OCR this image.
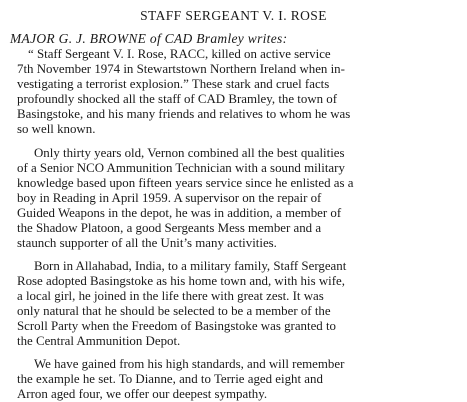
STAFF SERGEANT V. I. ROSE
MAJOR G. J. BROWNE of CAD Bramley writes:
“ Staff Sergeant V. I. Rose, RACC, killed on active service
7th November 1974 in Stewartstown Northern Ireland when in-
vestigating a terrorist explosion.” These stark and cruel facts
profoundly shocked all the staff of CAD Bramley, the town of
Basingstoke, and his many friends and relatives to whom he was
so well known.
Only thirty years old, Vernon combined all the best qualities
of a Senior NCO Ammunition Technician with a sound military
knowledge based upon fifteen years service since he enlisted as a
boy in Reading in April 1959. A supervisor on the repair of
Guided Weapons in the depot, he was in addition, a member of
the Shadow Platoon, a good Sergeants Mess member and a
staunch supporter of all the Unit’s many activities.
Born in Allahabad, India, to a military family, Staff Sergeant
Rose adopted Basingstoke as his home town and, with his wife,
a local girl, he joined in the life there with great zest. It was
only natural that he should be selected to be a member of the
Scroll Party when the Freedom of Basingstoke was granted to
the Central Ammunition Depot.
We have gained from his high standards, and will remember
the example he set. To Dianne, and to Terrie aged eight and
Arron aged four, we offer our deepest sympathy.
